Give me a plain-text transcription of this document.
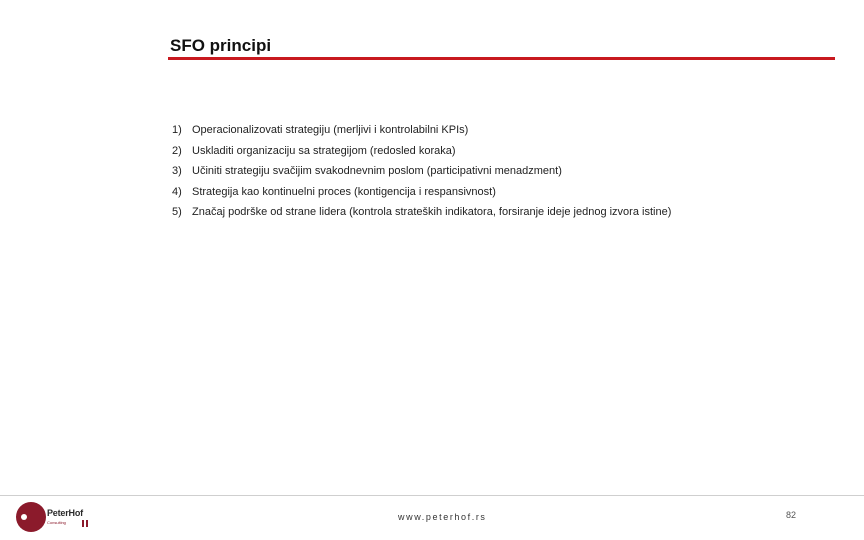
SFO principi
1) Operacionalizovati strategiju (merljivi i kontrolabilni KPIs)
2) Uskladiti organizaciju sa strategijom (redosled koraka)
3) Učiniti strategiju svačijim svakodnevnim poslom (participativni menadzment)
4) Strategija kao kontinuelni proces (kontigencija i respansivnost)
5) Značaj podrške od strane lidera (kontrola strateških indikatora, forsiranje ideje jednog izvora istine)
PeterHof
Consulting
www.peterhof.rs	82
